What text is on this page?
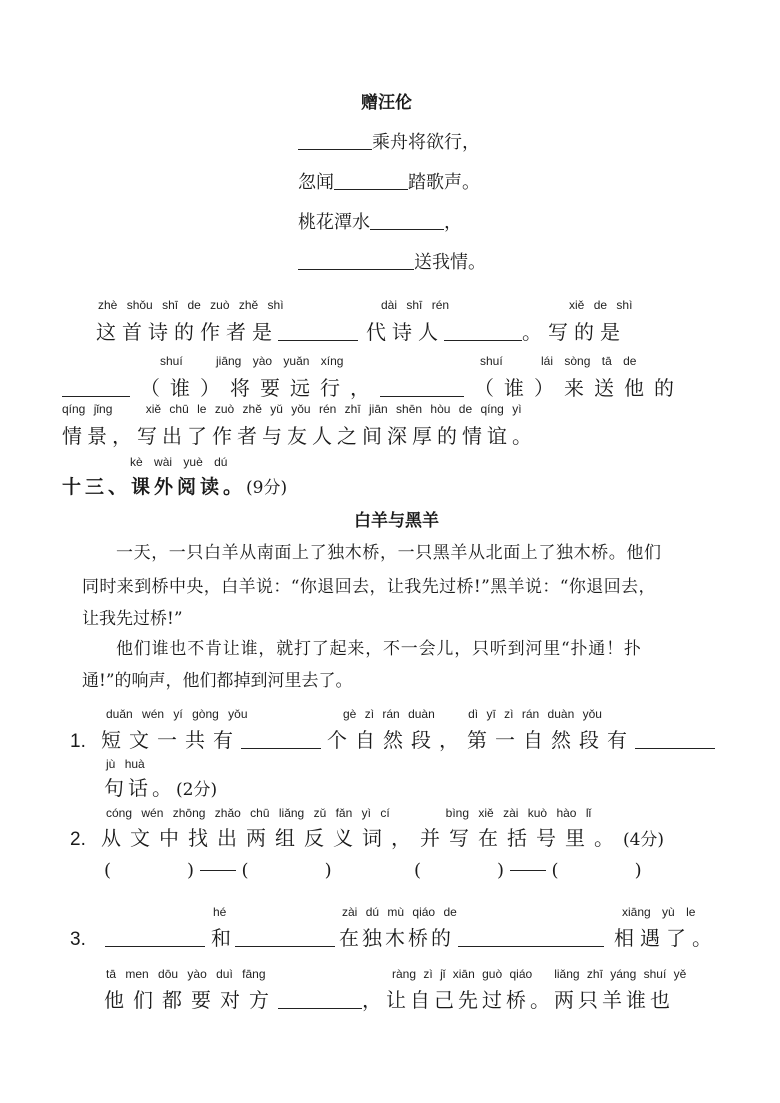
赠汪伦
乘舟将欲行，
忽闻	踏歌声。
桃花潭水	，
送我情。
zhè shǒu shī de zuò zhě shì	dài shī rén	xiě de shì
这首诗的作者是	代诗人	。写的是
shuí	jiāng yào yuǎn xíng	shuí	lái sòng tā de
（谁）将要远行，	（谁）来送他的
qíng jǐng	xiě chū le zuò zhě yǔ yǒu rén zhī jiān shēn hòu de qíng yì
情景，写出了作者与友人之间深厚的情谊。
kè wài yuè dú
十三、课外阅读。(9分)
白羊与黑羊
一天，一只白羊从南面上了独木桥，一只黑羊从北面上了独木桥。他们
同时来到桥中央，白羊说：“你退回去，让我先过桥!”黑羊说：“你退回去，
让我先过桥!”
他们谁也不肯让谁，就打了起来，不一会儿，只听到河里“扑通！扑
通!”的响声，他们都掉到河里去了。
duǎn wén yí gòng yǒu	gè zì rán duàn	dì yī zì rán duàn yǒu
1. 短文一共有	个自然段，第一自然段有
jù huà
句话。(2分)
cóng wén zhōng zhǎo chū liǎng zǔ fǎn yì cí	bìng xiě zài kuò hào lǐ
2. 从文中找出两组反义词，并写在括号里。(4分)
(	)	(	)	(	)	(	)
hé	zài dú mù qiáo de	xiāng yù le
3.	和	在独木桥的	相遇了。
tā men dōu yào duì fāng	ràng zì jǐ xiān guò qiáo liǎng zhī yáng shuí yě
他们都要对方	，让自己先过桥。两只羊谁也
